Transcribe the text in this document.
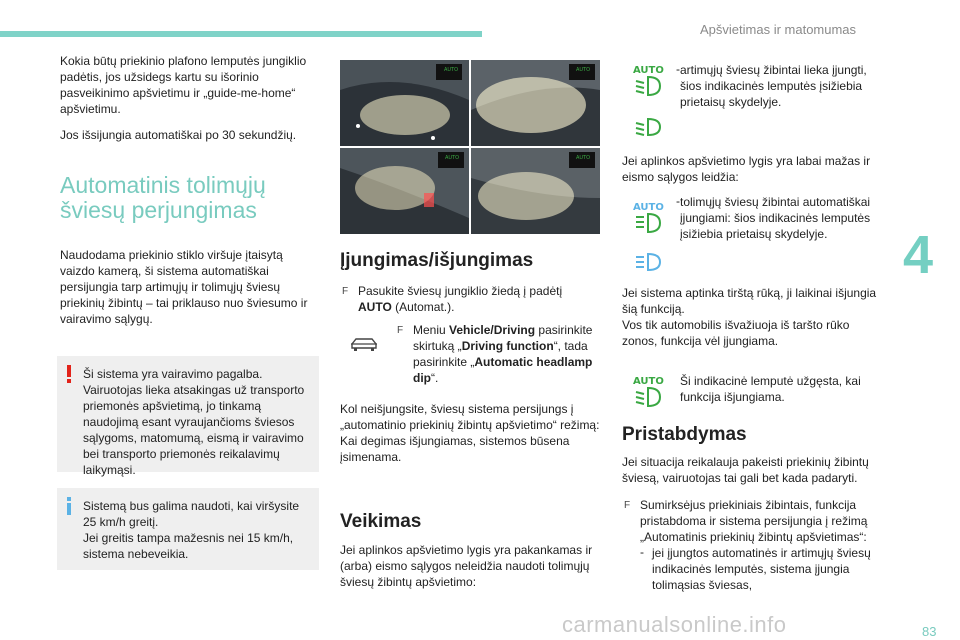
Apšvietimas ir matomumas
4

Kokia būtų priekinio plafono lemputės jungiklio padėtis, jos užsidegs kartu su išorinio pasveikinimo apšvietimu ir „guide-me-home“ apšvietimu.

Jos išsijungia automatiškai po 30 sekundžių.

Automatinis tolimųjų
šviesų perjungimas

Naudodama priekinio stiklo viršuje įtaisytą vaizdo kamerą, ši sistema automatiškai persijungia tarp artimųjų ir tolimųjų šviesų priekinių žibintų – tai priklauso nuo šviesumo ir vairavimo sąlygų.

Ši sistema yra vairavimo pagalba. Vairuotojas lieka atsakingas už transporto priemonės apšvietimą, jo tinkamą naudojimą esant vyraujančioms šviesos sąlygoms, matomumą, eismą ir vairavimo bei transporto priemonės reikalavimų laikymąsi.

Sistemą bus galima naudoti, kai viršysite 25 km/h greitį.

Jei greitis tampa mažesnis nei 15 km/h, sistema nebeveikia.

AUTO	AUTO
AUTO	AUTO
Įjungimas/išjungimas

F Pasukite šviesų jungiklio žiedą į padėtį
AUTO (Automat.).

F Meniu Vehicle/Driving pasirinkite skirtuką „Driving function“, tada pasirinkite „Automatic headlamp dip“.

Kol neišjungsite, šviesų sistema persijungs į „automatinio priekinių žibintų apšvietimo“ režimą:

Kai degimas išjungiamas, sistemos būsena įsimenama.

Veikimas

Jei aplinkos apšvietimo lygis yra pakankamas ir (arba) eismo sąlygos neleidžia naudoti tolimųjų šviesų žibintų apšvietimo:

AUTO - artimųjų šviesų žibintai lieka įjungti, šios indikacinės lemputės įsižiebia prietaisų skydelyje.

Jei aplinkos apšvietimo lygis yra labai mažas ir eismo sąlygos leidžia:

AUTO - tolimųjų šviesų žibintai automatiškai įjungiami: šios indikacinės lemputės įsižiebia prietaisų skydelyje.

Jei sistema aptinka tirštą rūką, ji laikinai išjungia šią funkciją.

Vos tik automobilis išvažiuoja iš taršto rūko zonos, funkcija vėl įjungiama.

AUTO Ši indikacinė lemputė užgęsta, kai funkcija išjungiama.

Pristabdymas

Jei situacija reikalauja pakeisti priekinių žibintų šviesą, vairuotojas tai gali bet kada padaryti.

F Sumirksėjus priekiniais žibintais, funkcija pristabdoma ir sistema persijungia į režimą „Automatinis priekinių žibintų apšvietimas“:

- jei įjungtos automatinės ir artimųjų šviesų indikacinės lemputės, sistema įjungia tolimąsias šviesas,

carmanualsonline.info	83
